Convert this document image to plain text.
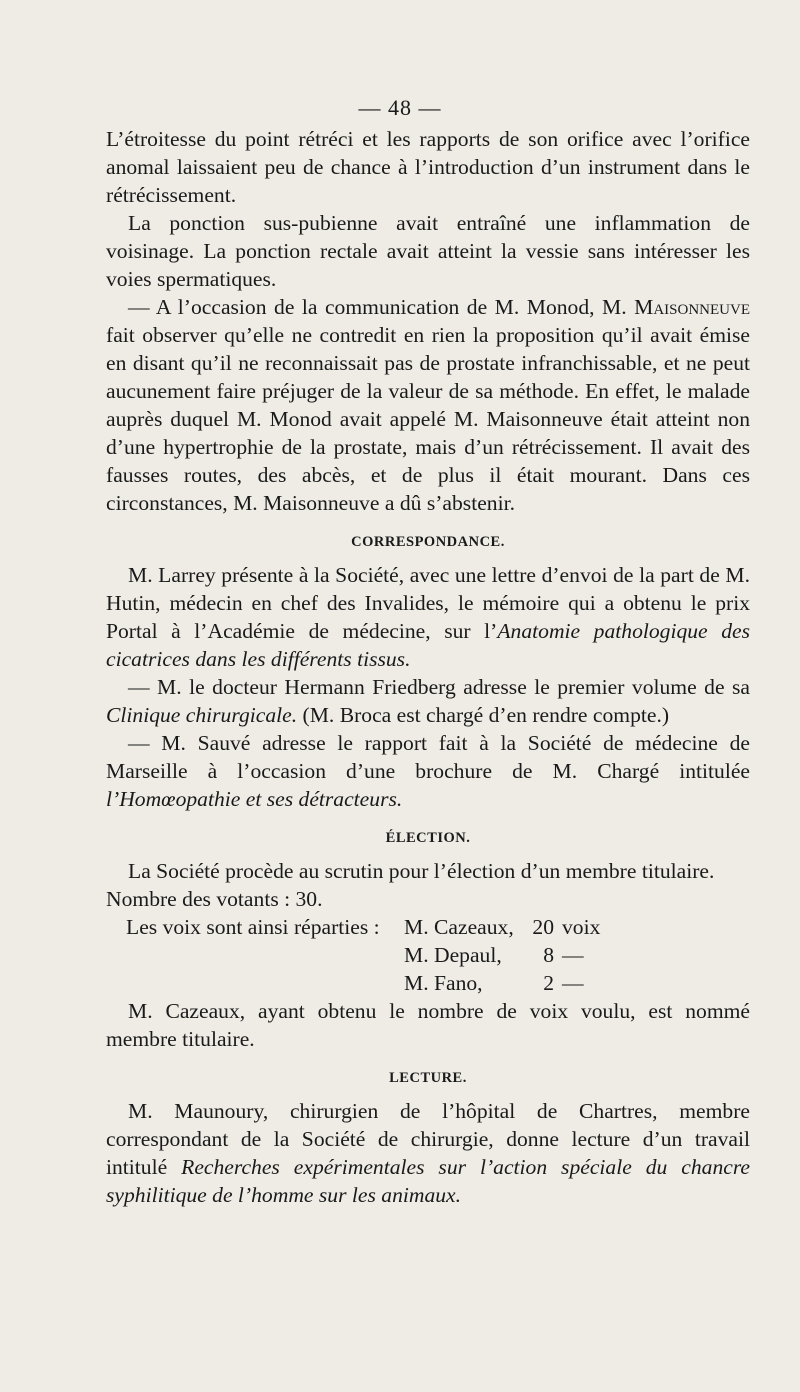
— 48 —

L’étroitesse du point rétréci et les rapports de son orifice avec l’orifice anomal laissaient peu de chance à l’introduction d’un instrument dans le rétrécissement.

La ponction sus-pubienne avait entraîné une inflammation de voisinage. La ponction rectale avait atteint la vessie sans intéresser les voies spermatiques.

— A l’occasion de la communication de M. Monod, M. Maisonneuve fait observer qu’elle ne contredit en rien la proposition qu’il avait émise en disant qu’il ne reconnaissait pas de prostate infranchissable, et ne peut aucunement faire préjuger de la valeur de sa méthode. En effet, le malade auprès duquel M. Monod avait appelé M. Maisonneuve était atteint non d’une hypertrophie de la prostate, mais d’un rétrécissement. Il avait des fausses routes, des abcès, et de plus il était mourant. Dans ces circonstances, M. Maisonneuve a dû s’abstenir.

CORRESPONDANCE.

M. Larrey présente à la Société, avec une lettre d’envoi de la part de M. Hutin, médecin en chef des Invalides, le mémoire qui a obtenu le prix Portal à l’Académie de médecine, sur l’Anatomie pathologique des cicatrices dans les différents tissus.

— M. le docteur Hermann Friedberg adresse le premier volume de sa Clinique chirurgicale. (M. Broca est chargé d’en rendre compte.)

— M. Sauvé adresse le rapport fait à la Société de médecine de Marseille à l’occasion d’une brochure de M. Chargé intitulée l’Homœopathie et ses détracteurs.

ÉLECTION.

La Société procède au scrutin pour l’élection d’un membre titulaire.

Nombre des votants : 30.

Les voix sont ainsi réparties :	M. Cazeaux,	20	voix
	M. Depaul,	8	—
	M. Fano,	2	—

M. Cazeaux, ayant obtenu le nombre de voix voulu, est nommé membre titulaire.

LECTURE.

M. Maunoury, chirurgien de l’hôpital de Chartres, membre correspondant de la Société de chirurgie, donne lecture d’un travail intitulé Recherches expérimentales sur l’action spéciale du chancre syphilitique de l’homme sur les animaux.
